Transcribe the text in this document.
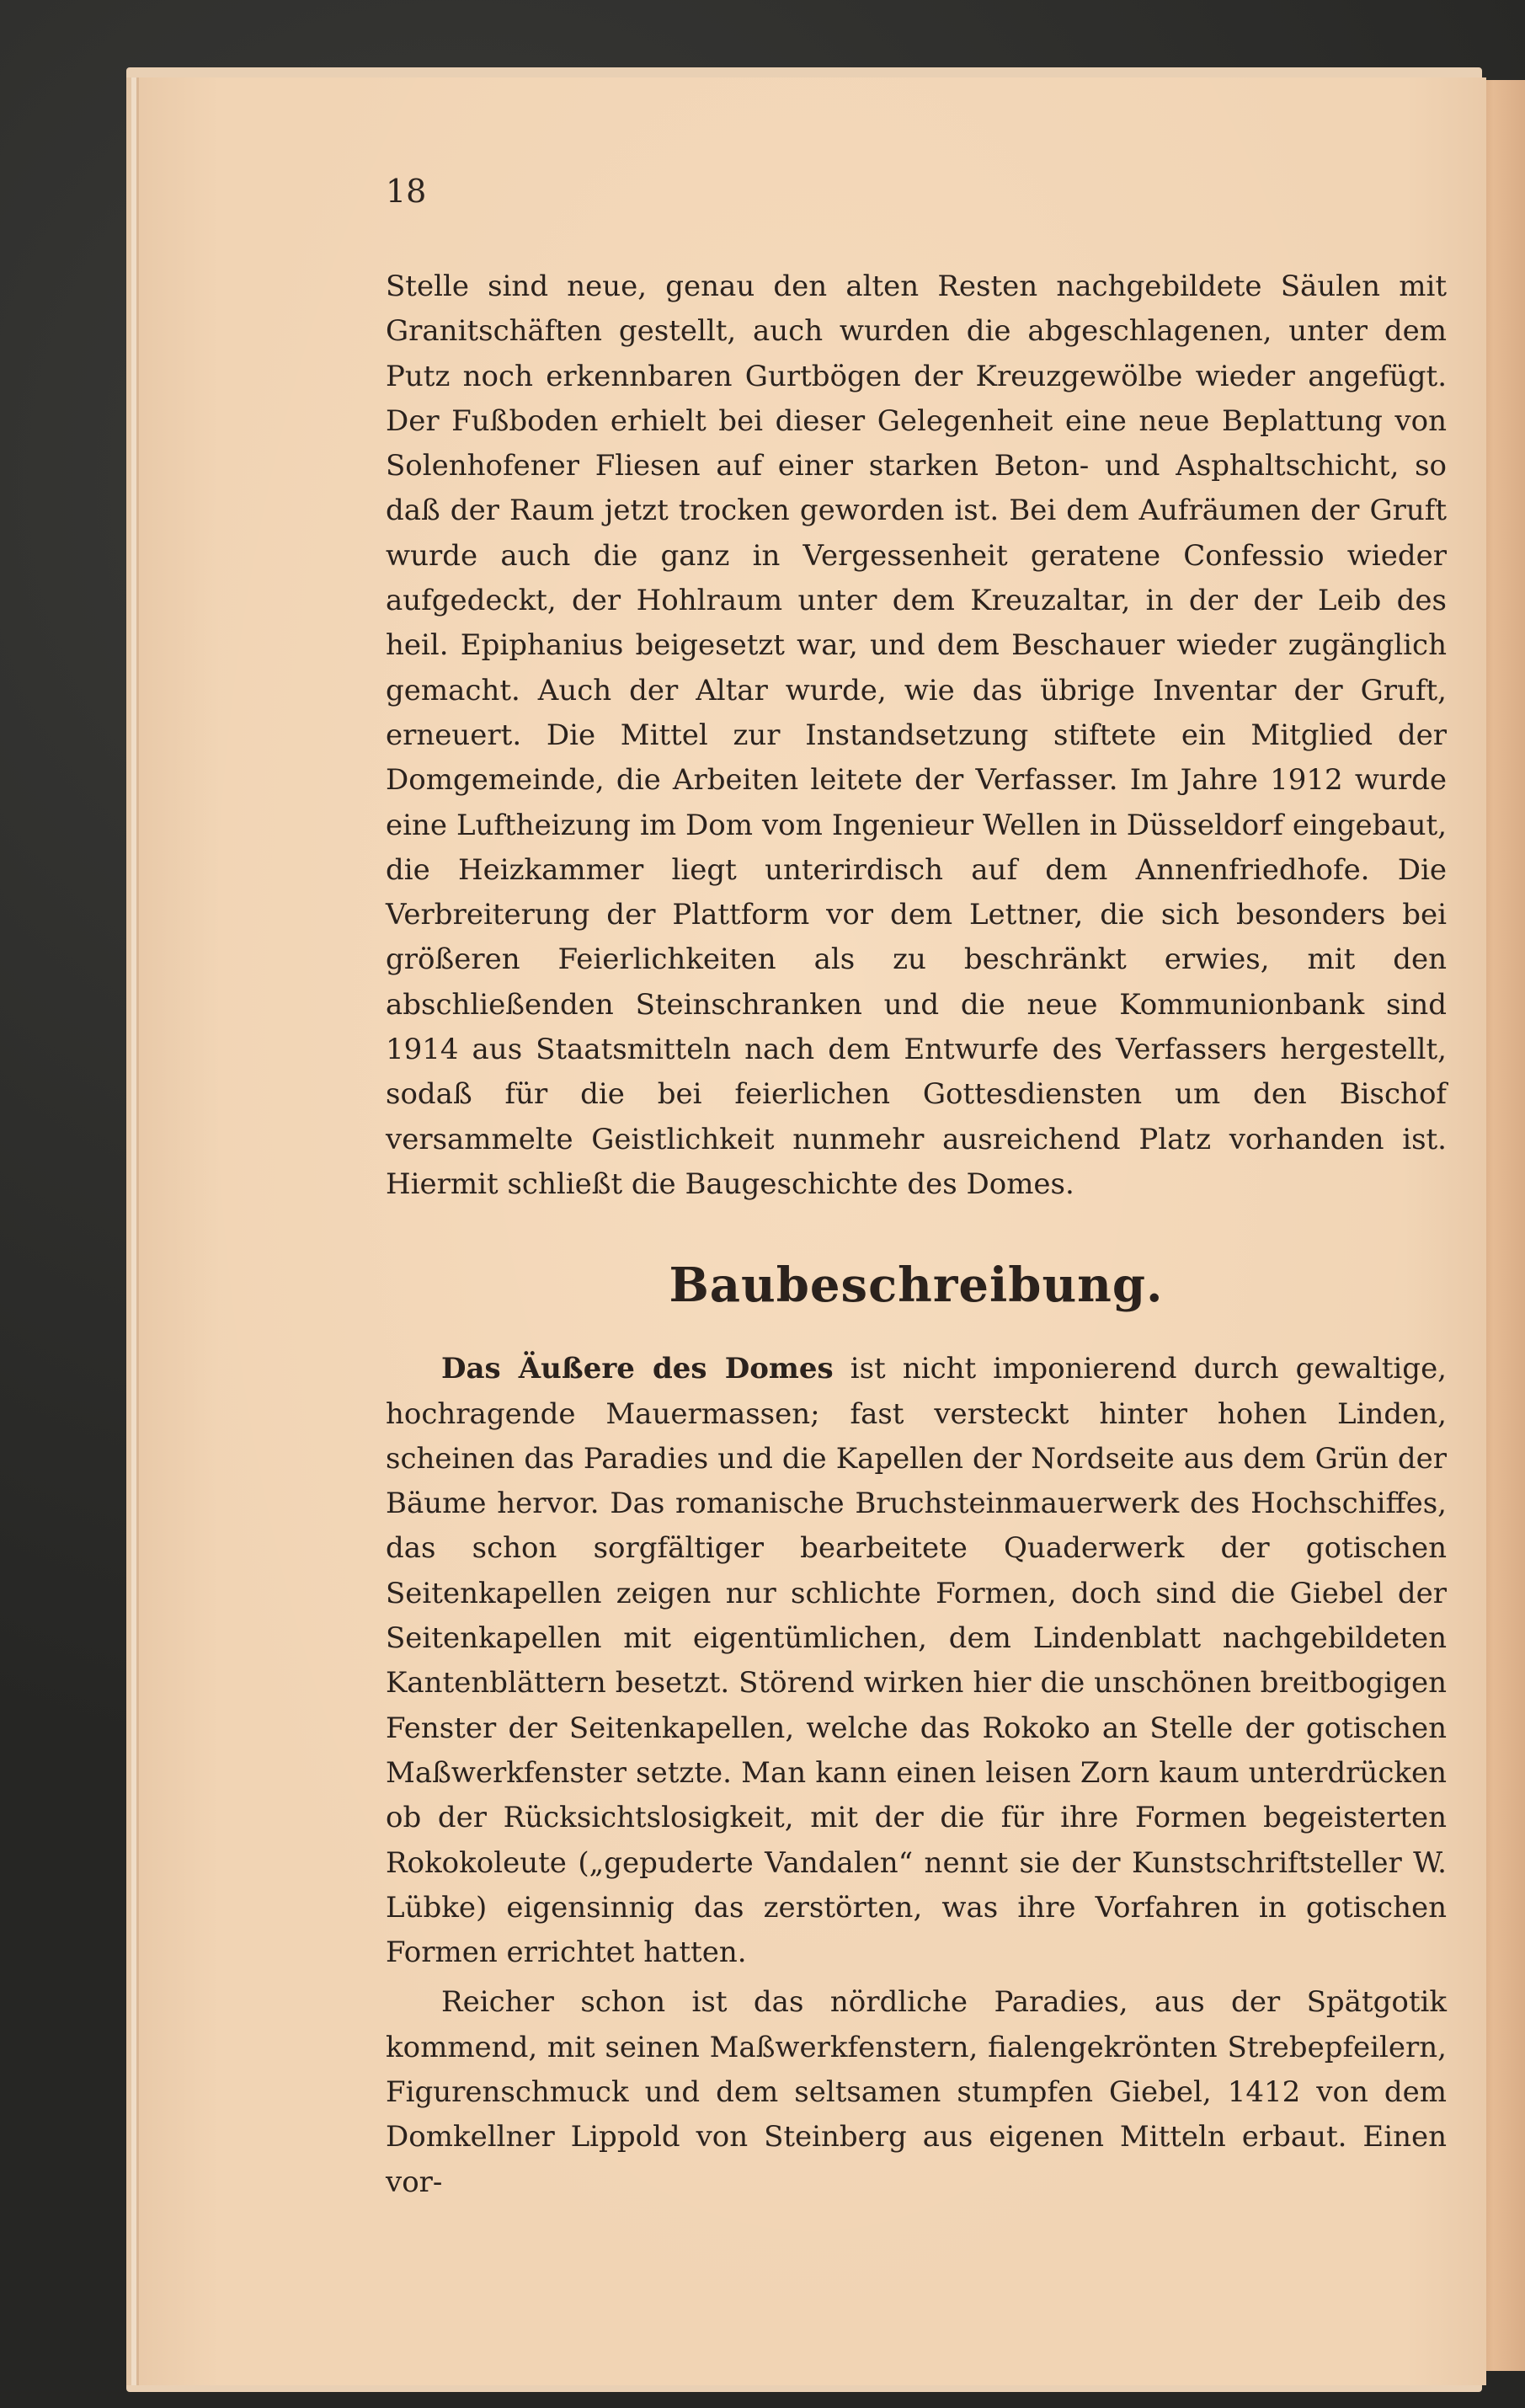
18

Stelle sind neue, genau den alten Resten nachgebildete Säulen mit Granitschäften gestellt, auch wurden die abgeschlagenen, unter dem Putz noch erkennbaren Gurtbögen der Kreuzgewölbe wieder angefügt. Der Fußboden erhielt bei dieser Gelegenheit eine neue Beplattung von Solenhofener Fliesen auf einer starken Beton- und Asphaltschicht, so daß der Raum jetzt trocken geworden ist. Bei dem Aufräumen der Gruft wurde auch die ganz in Vergessenheit geratene Confessio wieder aufgedeckt, der Hohlraum unter dem Kreuzaltar, in der der Leib des heil. Epiphanius beigesetzt war, und dem Beschauer wieder zugänglich gemacht. Auch der Altar wurde, wie das übrige Inventar der Gruft, erneuert. Die Mittel zur Instandsetzung stiftete ein Mitglied der Domgemeinde, die Arbeiten leitete der Verfasser. Im Jahre 1912 wurde eine Luftheizung im Dom vom Ingenieur Wellen in Düsseldorf eingebaut, die Heizkammer liegt unterirdisch auf dem Annenfriedhofe. Die Verbreiterung der Plattform vor dem Lettner, die sich besonders bei größeren Feierlichkeiten als zu beschränkt erwies, mit den abschließenden Steinschranken und die neue Kommunionbank sind 1914 aus Staatsmitteln nach dem Entwurfe des Verfassers hergestellt, sodaß für die bei feierlichen Gottesdiensten um den Bischof versammelte Geistlichkeit nunmehr ausreichend Platz vorhanden ist. Hiermit schließt die Baugeschichte des Domes.

Baubeschreibung.

Das Äußere des Domes ist nicht imponierend durch gewaltige, hochragende Mauermassen; fast versteckt hinter hohen Linden, scheinen das Paradies und die Kapellen der Nordseite aus dem Grün der Bäume hervor. Das romanische Bruchsteinmauerwerk des Hochschiffes, das schon sorgfältiger bearbeitete Quaderwerk der gotischen Seitenkapellen zeigen nur schlichte Formen, doch sind die Giebel der Seitenkapellen mit eigentümlichen, dem Lindenblatt nachgebildeten Kantenblättern besetzt. Störend wirken hier die unschönen breitbogigen Fenster der Seitenkapellen, welche das Rokoko an Stelle der gotischen Maßwerkfenster setzte. Man kann einen leisen Zorn kaum unterdrücken ob der Rücksichtslosigkeit, mit der die für ihre Formen begeisterten Rokokoleute („gepuderte Vandalen“ nennt sie der Kunstschriftsteller W. Lübke) eigensinnig das zerstörten, was ihre Vorfahren in gotischen Formen errichtet hatten.

Reicher schon ist das nördliche Paradies, aus der Spätgotik kommend, mit seinen Maßwerkfenstern, fialengekrönten Strebepfeilern, Figurenschmuck und dem seltsamen stumpfen Giebel, 1412 von dem Domkellner Lippold von Steinberg aus eigenen Mitteln erbaut. Einen vor-
